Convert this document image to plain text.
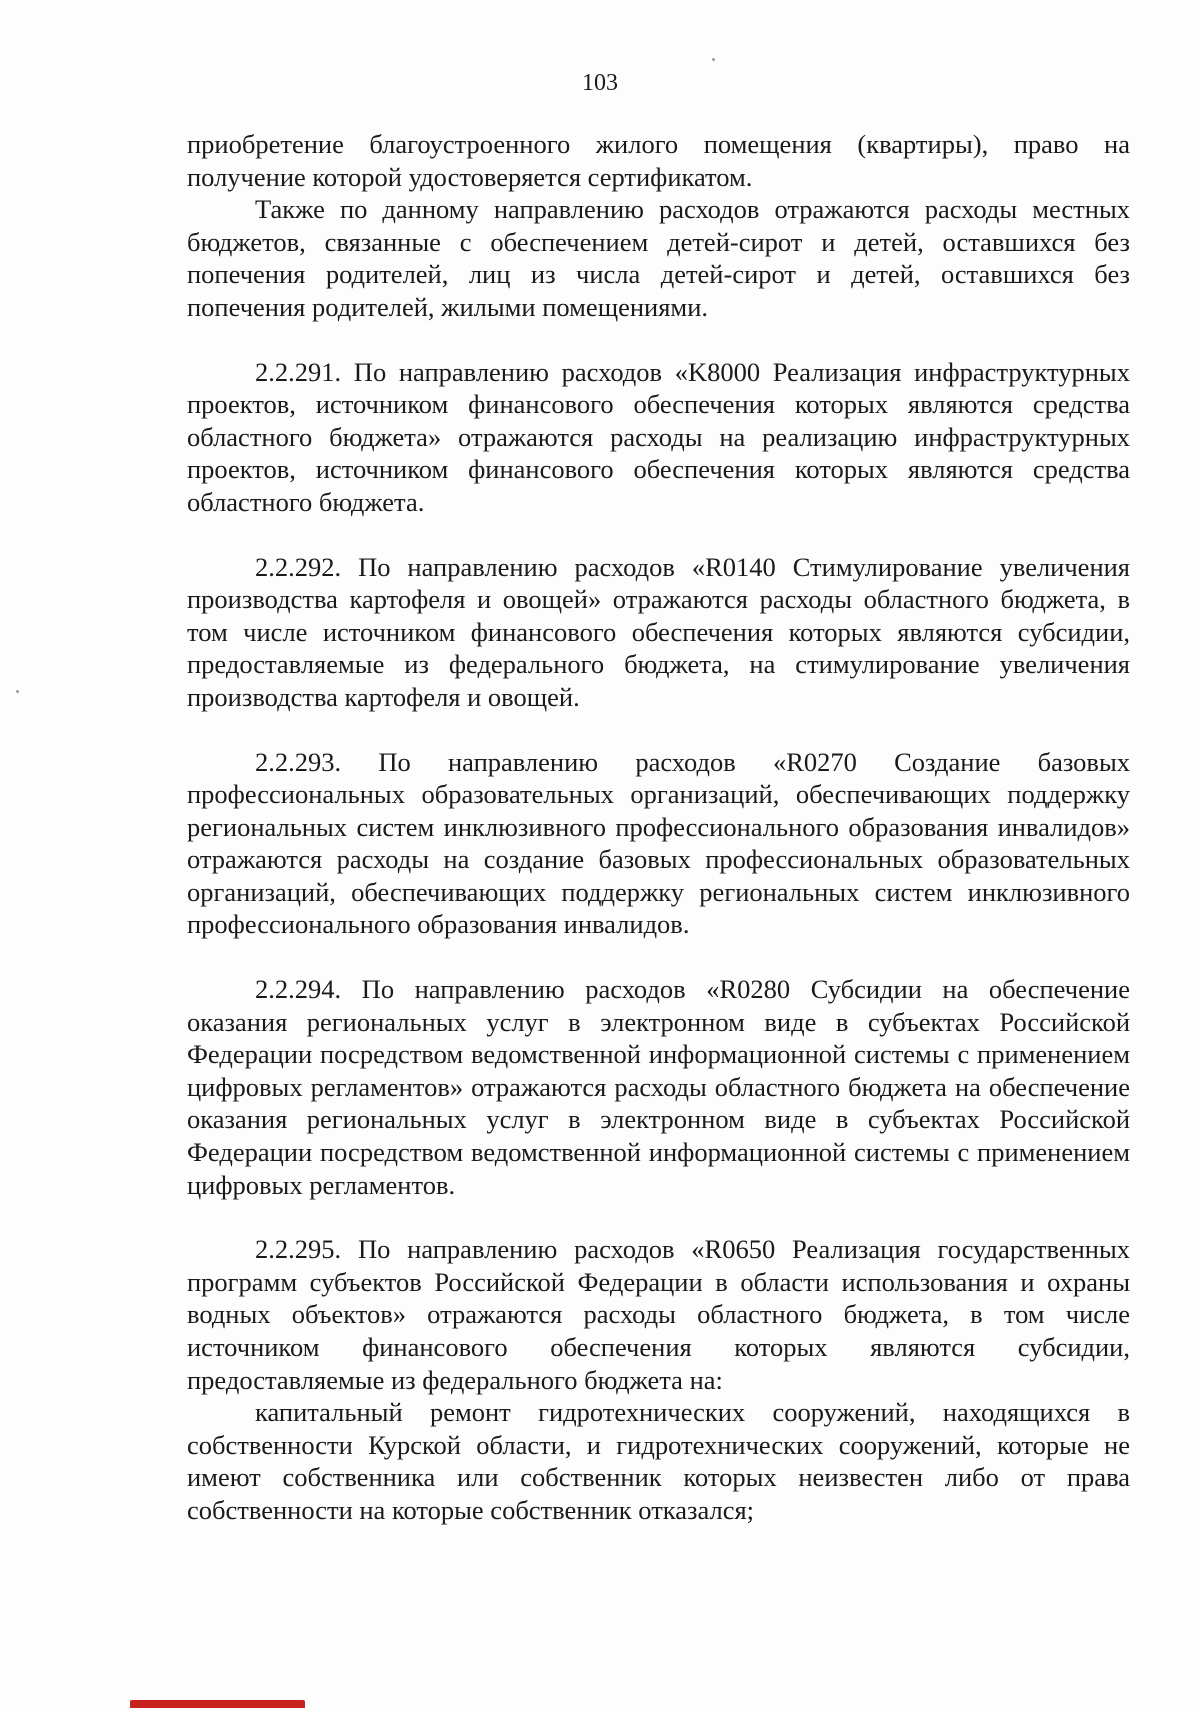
103

приобретение благоустроенного жилого помещения (квартиры), право на получение которой удостоверяется сертификатом.

Также по данному направлению расходов отражаются расходы местных бюджетов, связанные с обеспечением детей-сирот и детей, оставшихся без попечения родителей, лиц из числа детей-сирот и детей, оставшихся без попечения родителей, жилыми помещениями.

2.2.291. По направлению расходов «K8000 Реализация инфраструктурных проектов, источником финансового обеспечения которых являются средства областного бюджета» отражаются расходы на реализацию инфраструктурных проектов, источником финансового обеспечения которых являются средства областного бюджета.

2.2.292. По направлению расходов «R0140 Стимулирование увеличения производства картофеля и овощей» отражаются расходы областного бюджета, в том числе источником финансового обеспечения которых являются субсидии, предоставляемые из федерального бюджета, на стимулирование увеличения производства картофеля и овощей.

2.2.293. По направлению расходов «R0270 Создание базовых профессиональных образовательных организаций, обеспечивающих поддержку региональных систем инклюзивного профессионального образования инвалидов» отражаются расходы на создание базовых профессиональных образовательных организаций, обеспечивающих поддержку региональных систем инклюзивного профессионального образования инвалидов.

2.2.294. По направлению расходов «R0280 Субсидии на обеспечение оказания региональных услуг в электронном виде в субъектах Российской Федерации посредством ведомственной информационной системы с применением цифровых регламентов» отражаются расходы областного бюджета на обеспечение оказания региональных услуг в электронном виде в субъектах Российской Федерации посредством ведомственной информационной системы с применением цифровых регламентов.

2.2.295. По направлению расходов «R0650 Реализация государственных программ субъектов Российской Федерации в области использования и охраны водных объектов» отражаются расходы областного бюджета, в том числе источником финансового обеспечения которых являются субсидии, предоставляемые из федерального бюджета на:

капитальный ремонт гидротехнических сооружений, находящихся в собственности Курской области, и гидротехнических сооружений, которые не имеют собственника или собственник которых неизвестен либо от права собственности на которые собственник отказался;
